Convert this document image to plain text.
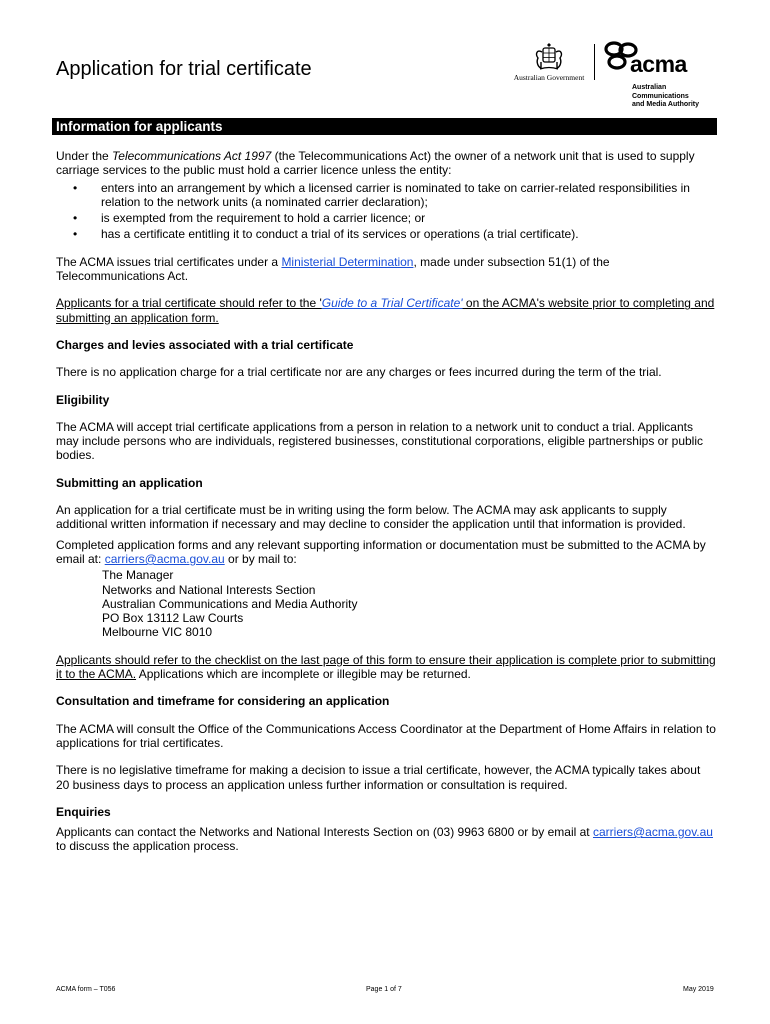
Application for trial certificate	Australian Government
acma
Australian
Communications
and Media Authority
Information for applicants

Under the Telecommunications Act 1997 (the Telecommunications Act) the owner of a network unit that is used to supply carriage services to the public must hold a carrier licence unless the entity:

• enters into an arrangement by which a licensed carrier is nominated to take on carrier-related responsibilities in relation to the network units (a nominated carrier declaration);
• is exempted from the requirement to hold a carrier licence; or
• has a certificate entitling it to conduct a trial of its services or operations (a trial certificate).

The ACMA issues trial certificates under a Ministerial Determination, made under subsection 51(1) of the Telecommunications Act.

Applicants for a trial certificate should refer to the 'Guide to a Trial Certificate' on the ACMA's website prior to completing and submitting an application form.

Charges and levies associated with a trial certificate

There is no application charge for a trial certificate nor are any charges or fees incurred during the term of the trial.

Eligibility

The ACMA will accept trial certificate applications from a person in relation to a network unit to conduct a trial. Applicants may include persons who are individuals, registered businesses, constitutional corporations, eligible partnerships or public bodies.

Submitting an application

An application for a trial certificate must be in writing using the form below. The ACMA may ask applicants to supply additional written information if necessary and may decline to consider the application until that information is provided.

Completed application forms and any relevant supporting information or documentation must be submitted to the ACMA by email at: carriers@acma.gov.au or by mail to:

The Manager
Networks and National Interests Section
Australian Communications and Media Authority
PO Box 13112 Law Courts
Melbourne VIC 8010

Applicants should refer to the checklist on the last page of this form to ensure their application is complete prior to submitting it to the ACMA. Applications which are incomplete or illegible may be returned.

Consultation and timeframe for considering an application

The ACMA will consult the Office of the Communications Access Coordinator at the Department of Home Affairs in relation to applications for trial certificates.

There is no legislative timeframe for making a decision to issue a trial certificate, however, the ACMA typically takes about 20 business days to process an application unless further information or consultation is required.

Enquiries

Applicants can contact the Networks and National Interests Section on (03) 9963 6800 or by email at carriers@acma.gov.au to discuss the application process.

ACMA form – T056	Page 1 of 7	May 2019
